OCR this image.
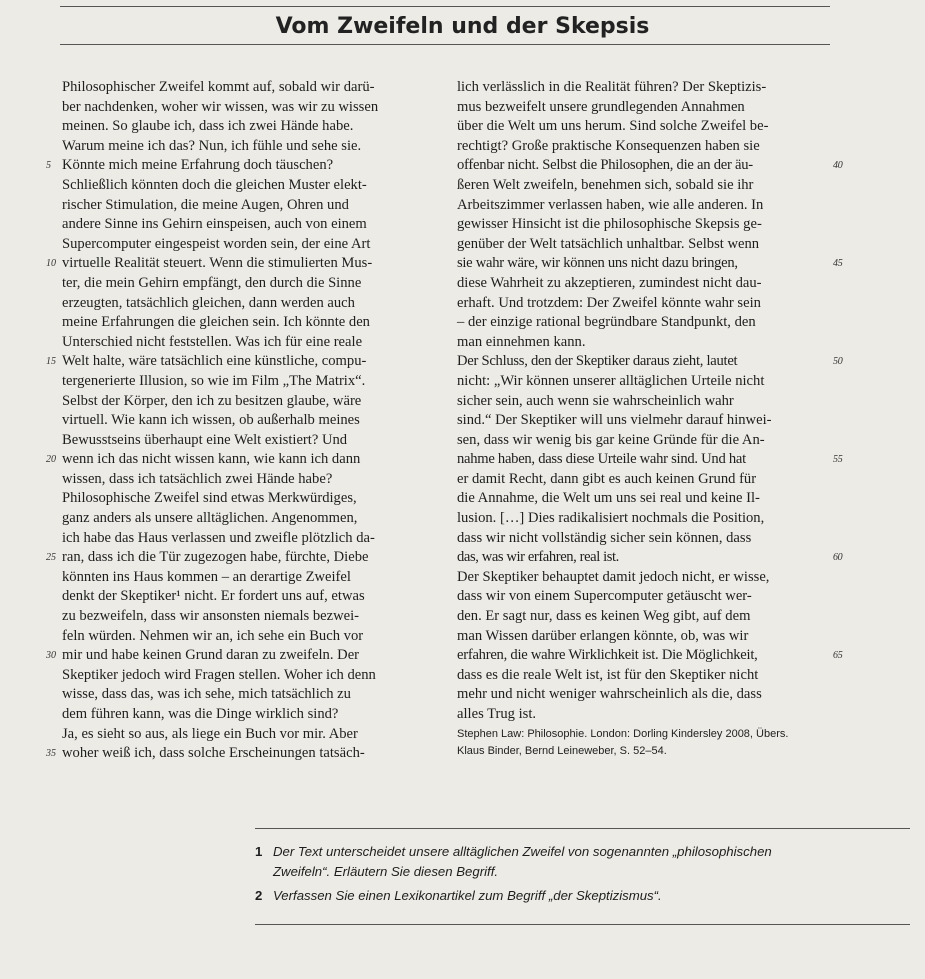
Vom Zweifeln und der Skepsis
Philosophischer Zweifel kommt auf, sobald wir darü-
ber nachdenken, woher wir wissen, was wir zu wissen
meinen. So glaube ich, dass ich zwei Hände habe.
Warum meine ich das? Nun, ich fühle und sehe sie.
5 Könnte mich meine Erfahrung doch täuschen?
Schließlich könnten doch die gleichen Muster elekt-
rischer Stimulation, die meine Augen, Ohren und
andere Sinne ins Gehirn einspeisen, auch von einem
Supercomputer eingespeist worden sein, der eine Art
10 virtuelle Realität steuert. Wenn die stimulierten Mus-
ter, die mein Gehirn empfängt, den durch die Sinne
erzeugten, tatsächlich gleichen, dann werden auch
meine Erfahrungen die gleichen sein. Ich könnte den
Unterschied nicht feststellen. Was ich für eine reale
15 Welt halte, wäre tatsächlich eine künstliche, compu-
tergenerierte Illusion, so wie im Film „The Matrix“.
Selbst der Körper, den ich zu besitzen glaube, wäre
virtuell. Wie kann ich wissen, ob außerhalb meines
Bewusstseins überhaupt eine Welt existiert? Und
20 wenn ich das nicht wissen kann, wie kann ich dann
wissen, dass ich tatsächlich zwei Hände habe?
Philosophische Zweifel sind etwas Merkwürdiges,
ganz anders als unsere alltäglichen. Angenommen,
ich habe das Haus verlassen und zweifle plötzlich da-
25 ran, dass ich die Tür zugezogen habe, fürchte, Diebe
könnten ins Haus kommen – an derartige Zweifel
denkt der Skeptiker¹ nicht. Er fordert uns auf, etwas
zu bezweifeln, dass wir ansonsten niemals bezwei-
feln würden. Nehmen wir an, ich sehe ein Buch vor
30 mir und habe keinen Grund daran zu zweifeln. Der
Skeptiker jedoch wird Fragen stellen. Woher ich denn
wisse, dass das, was ich sehe, mich tatsächlich zu
dem führen kann, was die Dinge wirklich sind?
Ja, es sieht so aus, als liege ein Buch vor mir. Aber
35 woher weiß ich, dass solche Erscheinungen tatsäch-
lich verlässlich in die Realität führen? Der Skeptizis-
mus bezweifelt unsere grundlegenden Annahmen
über die Welt um uns herum. Sind solche Zweifel be-
rechtigt? Große praktische Konsequenzen haben sie
40
offenbar nicht. Selbst die Philosophen, die an der äu-
ßeren Welt zweifeln, benehmen sich, sobald sie ihr
Arbeitszimmer verlassen haben, wie alle anderen. In
gewisser Hinsicht ist die philosophische Skepsis ge-
genüber der Welt tatsächlich unhaltbar. Selbst wenn
45
sie wahr wäre, wir können uns nicht dazu bringen,
diese Wahrheit zu akzeptieren, zumindest nicht dau-
erhaft. Und trotzdem: Der Zweifel könnte wahr sein
– der einzige rational begründbare Standpunkt, den
man einnehmen kann.
50
Der Schluss, den der Skeptiker daraus zieht, lautet
nicht: „Wir können unserer alltäglichen Urteile nicht
sicher sein, auch wenn sie wahrscheinlich wahr
sind.“ Der Skeptiker will uns vielmehr darauf hinwei-
sen, dass wir wenig bis gar keine Gründe für die An-
55
nahme haben, dass diese Urteile wahr sind. Und hat
er damit Recht, dann gibt es auch keinen Grund für
die Annahme, die Welt um uns sei real und keine Il-
lusion. […] Dies radikalisiert nochmals die Position,
dass wir nicht vollständig sicher sein können, dass
60
das, was wir erfahren, real ist.
Der Skeptiker behauptet damit jedoch nicht, er wisse,
dass wir von einem Supercomputer getäuscht wer-
den. Er sagt nur, dass es keinen Weg gibt, auf dem
man Wissen darüber erlangen könnte, ob, was wir
65
erfahren, die wahre Wirklichkeit ist. Die Möglichkeit,
dass es die reale Welt ist, ist für den Skeptiker nicht
mehr und nicht weniger wahrscheinlich als die, dass
alles Trug ist.
Stephen Law: Philosophie. London: Dorling Kindersley 2008, Übers.
Klaus Binder, Bernd Leineweber, S. 52–54.
1 Der Text unterscheidet unsere alltäglichen Zweifel von sogenannten „philosophischen
Zweifeln“. Erläutern Sie diesen Begriff.
2 Verfassen Sie einen Lexikonartikel zum Begriff „der Skeptizismus“.
